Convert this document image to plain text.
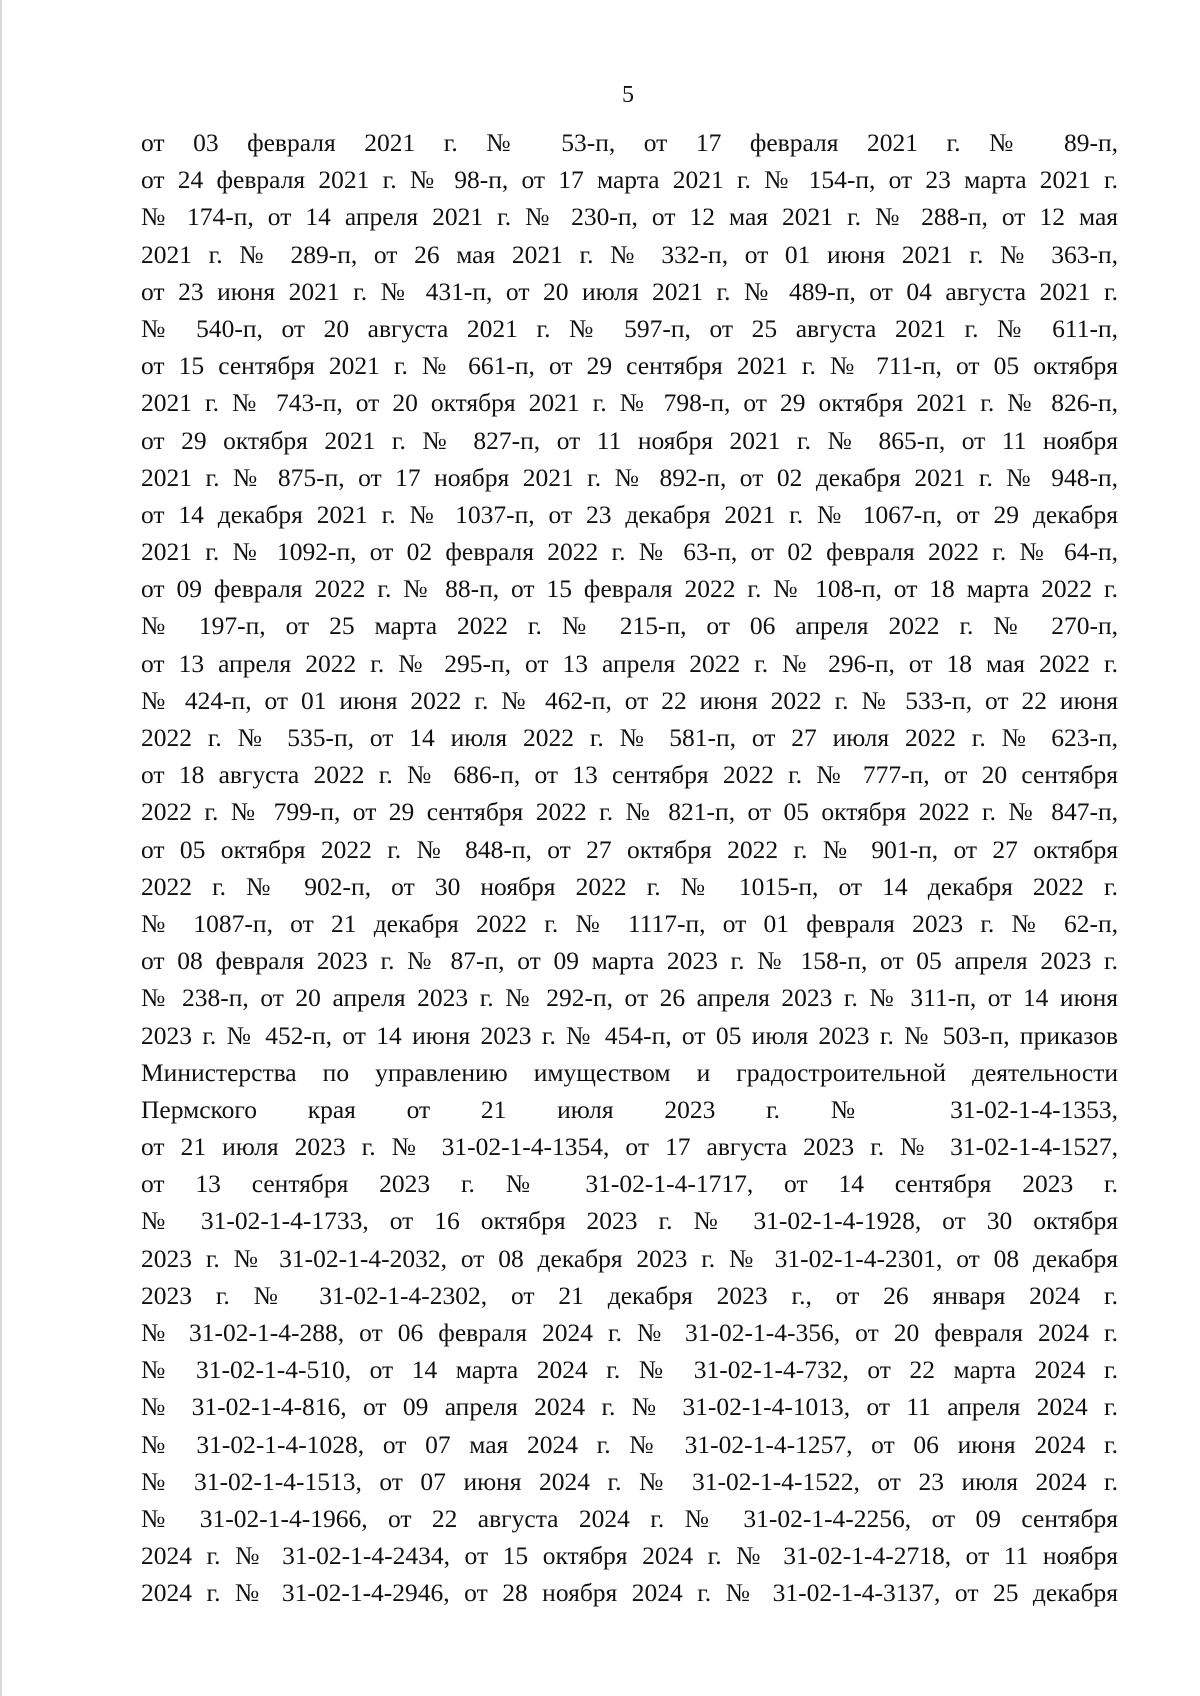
5
от 03 февраля 2021 г. № 53-п, от 17 февраля 2021 г. № 89-п,
от 24 февраля 2021 г. № 98-п, от 17 марта 2021 г. № 154-п, от 23 марта 2021 г.
№ 174-п, от 14 апреля 2021 г. № 230-п, от 12 мая 2021 г. № 288-п, от 12 мая
2021 г. № 289-п, от 26 мая 2021 г. № 332-п, от 01 июня 2021 г. № 363-п,
от 23 июня 2021 г. № 431-п, от 20 июля 2021 г. № 489-п, от 04 августа 2021 г.
№ 540-п, от 20 августа 2021 г. № 597-п, от 25 августа 2021 г. № 611-п,
от 15 сентября 2021 г. № 661-п, от 29 сентября 2021 г. № 711-п, от 05 октября
2021 г. № 743-п, от 20 октября 2021 г. № 798-п, от 29 октября 2021 г. № 826-п,
от 29 октября 2021 г. № 827-п, от 11 ноября 2021 г. № 865-п, от 11 ноября
2021 г. № 875-п, от 17 ноября 2021 г. № 892-п, от 02 декабря 2021 г. № 948-п,
от 14 декабря 2021 г. № 1037-п, от 23 декабря 2021 г. № 1067-п, от 29 декабря
2021 г. № 1092-п, от 02 февраля 2022 г. № 63-п, от 02 февраля 2022 г. № 64-п,
от 09 февраля 2022 г. № 88-п, от 15 февраля 2022 г. № 108-п, от 18 марта 2022 г.
№ 197-п, от 25 марта 2022 г. № 215-п, от 06 апреля 2022 г. № 270-п,
от 13 апреля 2022 г. № 295-п, от 13 апреля 2022 г. № 296-п, от 18 мая 2022 г.
№ 424-п, от 01 июня 2022 г. № 462-п, от 22 июня 2022 г. № 533-п, от 22 июня
2022 г. № 535-п, от 14 июля 2022 г. № 581-п, от 27 июля 2022 г. № 623-п,
от 18 августа 2022 г. № 686-п, от 13 сентября 2022 г. № 777-п, от 20 сентября
2022 г. № 799-п, от 29 сентября 2022 г. № 821-п, от 05 октября 2022 г. № 847-п,
от 05 октября 2022 г. № 848-п, от 27 октября 2022 г. № 901-п, от 27 октября
2022 г. № 902-п, от 30 ноября 2022 г. № 1015-п, от 14 декабря 2022 г.
№ 1087-п, от 21 декабря 2022 г. № 1117-п, от 01 февраля 2023 г. № 62-п,
от 08 февраля 2023 г. № 87-п, от 09 марта 2023 г. № 158-п, от 05 апреля 2023 г.
№ 238-п, от 20 апреля 2023 г. № 292-п, от 26 апреля 2023 г. № 311-п, от 14 июня
2023 г. № 452-п, от 14 июня 2023 г. № 454-п, от 05 июля 2023 г. № 503-п, приказов
Министерства по управлению имуществом и градостроительной деятельности
Пермского края от 21 июля 2023 г. № 31-02-1-4-1353,
от 21 июля 2023 г. № 31-02-1-4-1354, от 17 августа 2023 г. № 31-02-1-4-1527,
от 13 сентября 2023 г. № 31-02-1-4-1717, от 14 сентября 2023 г.
№ 31-02-1-4-1733, от 16 октября 2023 г. № 31-02-1-4-1928, от 30 октября
2023 г. № 31-02-1-4-2032, от 08 декабря 2023 г. № 31-02-1-4-2301, от 08 декабря
2023 г. № 31-02-1-4-2302, от 21 декабря 2023 г., от 26 января 2024 г.
№ 31-02-1-4-288, от 06 февраля 2024 г. № 31-02-1-4-356, от 20 февраля 2024 г.
№ 31-02-1-4-510, от 14 марта 2024 г. № 31-02-1-4-732, от 22 марта 2024 г.
№ 31-02-1-4-816, от 09 апреля 2024 г. № 31-02-1-4-1013, от 11 апреля 2024 г.
№ 31-02-1-4-1028, от 07 мая 2024 г. № 31-02-1-4-1257, от 06 июня 2024 г.
№ 31-02-1-4-1513, от 07 июня 2024 г. № 31-02-1-4-1522, от 23 июля 2024 г.
№ 31-02-1-4-1966, от 22 августа 2024 г. № 31-02-1-4-2256, от 09 сентября
2024 г. № 31-02-1-4-2434, от 15 октября 2024 г. № 31-02-1-4-2718, от 11 ноября
2024 г. № 31-02-1-4-2946, от 28 ноября 2024 г. № 31-02-1-4-3137, от 25 декабря
